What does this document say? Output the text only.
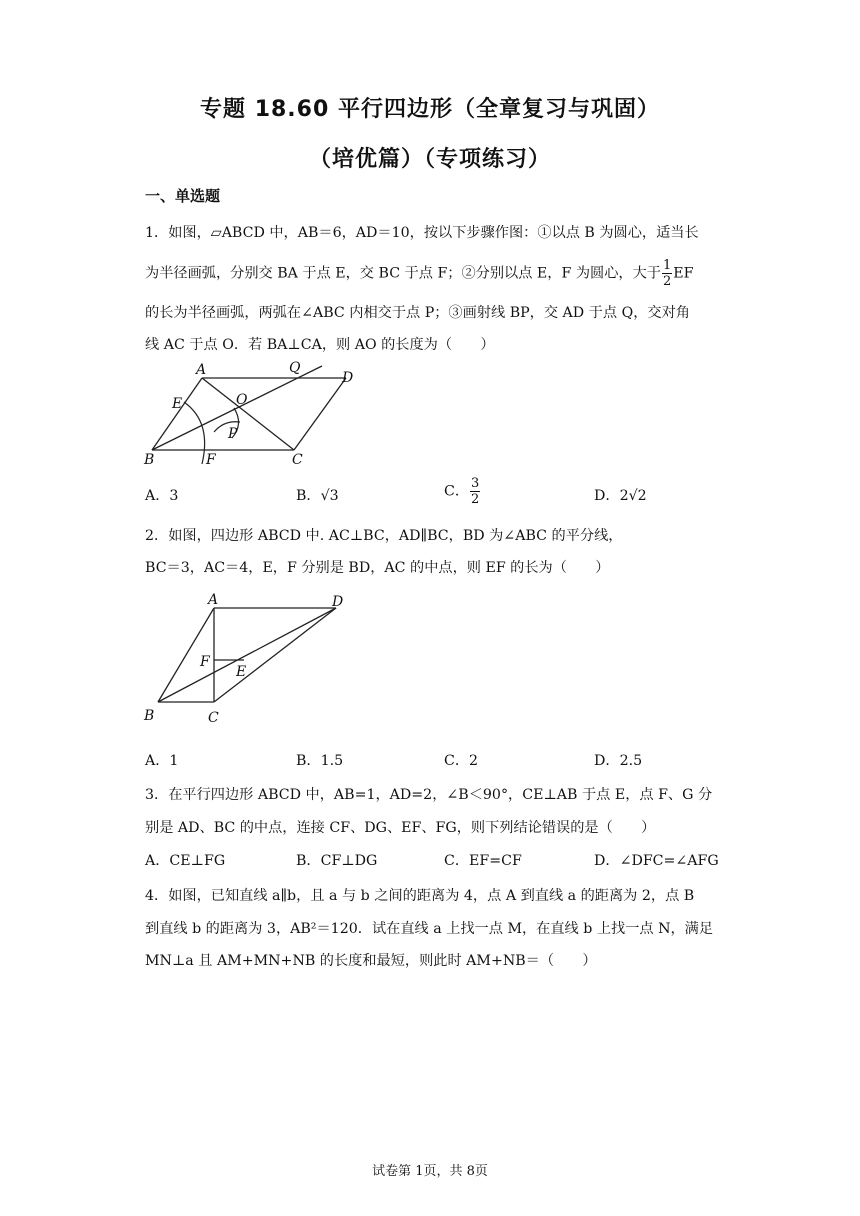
专题 18.60 平行四边形（全章复习与巩固）
（培优篇）（专项练习）
一、单选题
1．如图，▱ABCD 中，AB＝6，AD＝10，按以下步骤作图：①以点 B 为圆心，适当长
为半径画弧，分别交 BA 于点 E，交 BC 于点 F；②分别以点 E，F 为圆心，大于 $\frac{1}{2}$ EF
的长为半径画弧，两弧在∠ABC 内相交于点 P；③画射线 BP，交 AD 于点 Q，交对角
线 AC 于点 O．若 BA⊥CA，则 AO 的长度为（　　）
A	Q
D
E	O
P
B	F	C
A．3	B．√3	C． $\frac{3}{2}$	D．2√2
2．如图，四边形 ABCD 中. AC⊥BC，AD∥BC，BD 为∠ABC 的平分线，
BC＝3，AC＝4，E，F 分别是 BD，AC 的中点，则 EF 的长为（　　）
A	D
F
E
B	C
A．1	B．1.5	C．2	D．2.5
3．在平行四边形 ABCD 中，AB=1，AD=2，∠B＜90°，CE⊥AB 于点 E，点 F、G 分
别是 AD、BC 的中点，连接 CF、DG、EF、FG，则下列结论错误的是（　　）
A．CE⊥FG	B．CF⊥DG	C．EF=CF	D．∠DFC=∠AFG
4．如图，已知直线 a∥b，且 a 与 b 之间的距离为 4，点 A 到直线 a 的距离为 2，点 B
到直线 b 的距离为 3，AB²＝120．试在直线 a 上找一点 M，在直线 b 上找一点 N，满足
MN⊥a 且 AM+MN+NB 的长度和最短，则此时 AM+NB＝（　　）
试卷第 1页，共 8页
